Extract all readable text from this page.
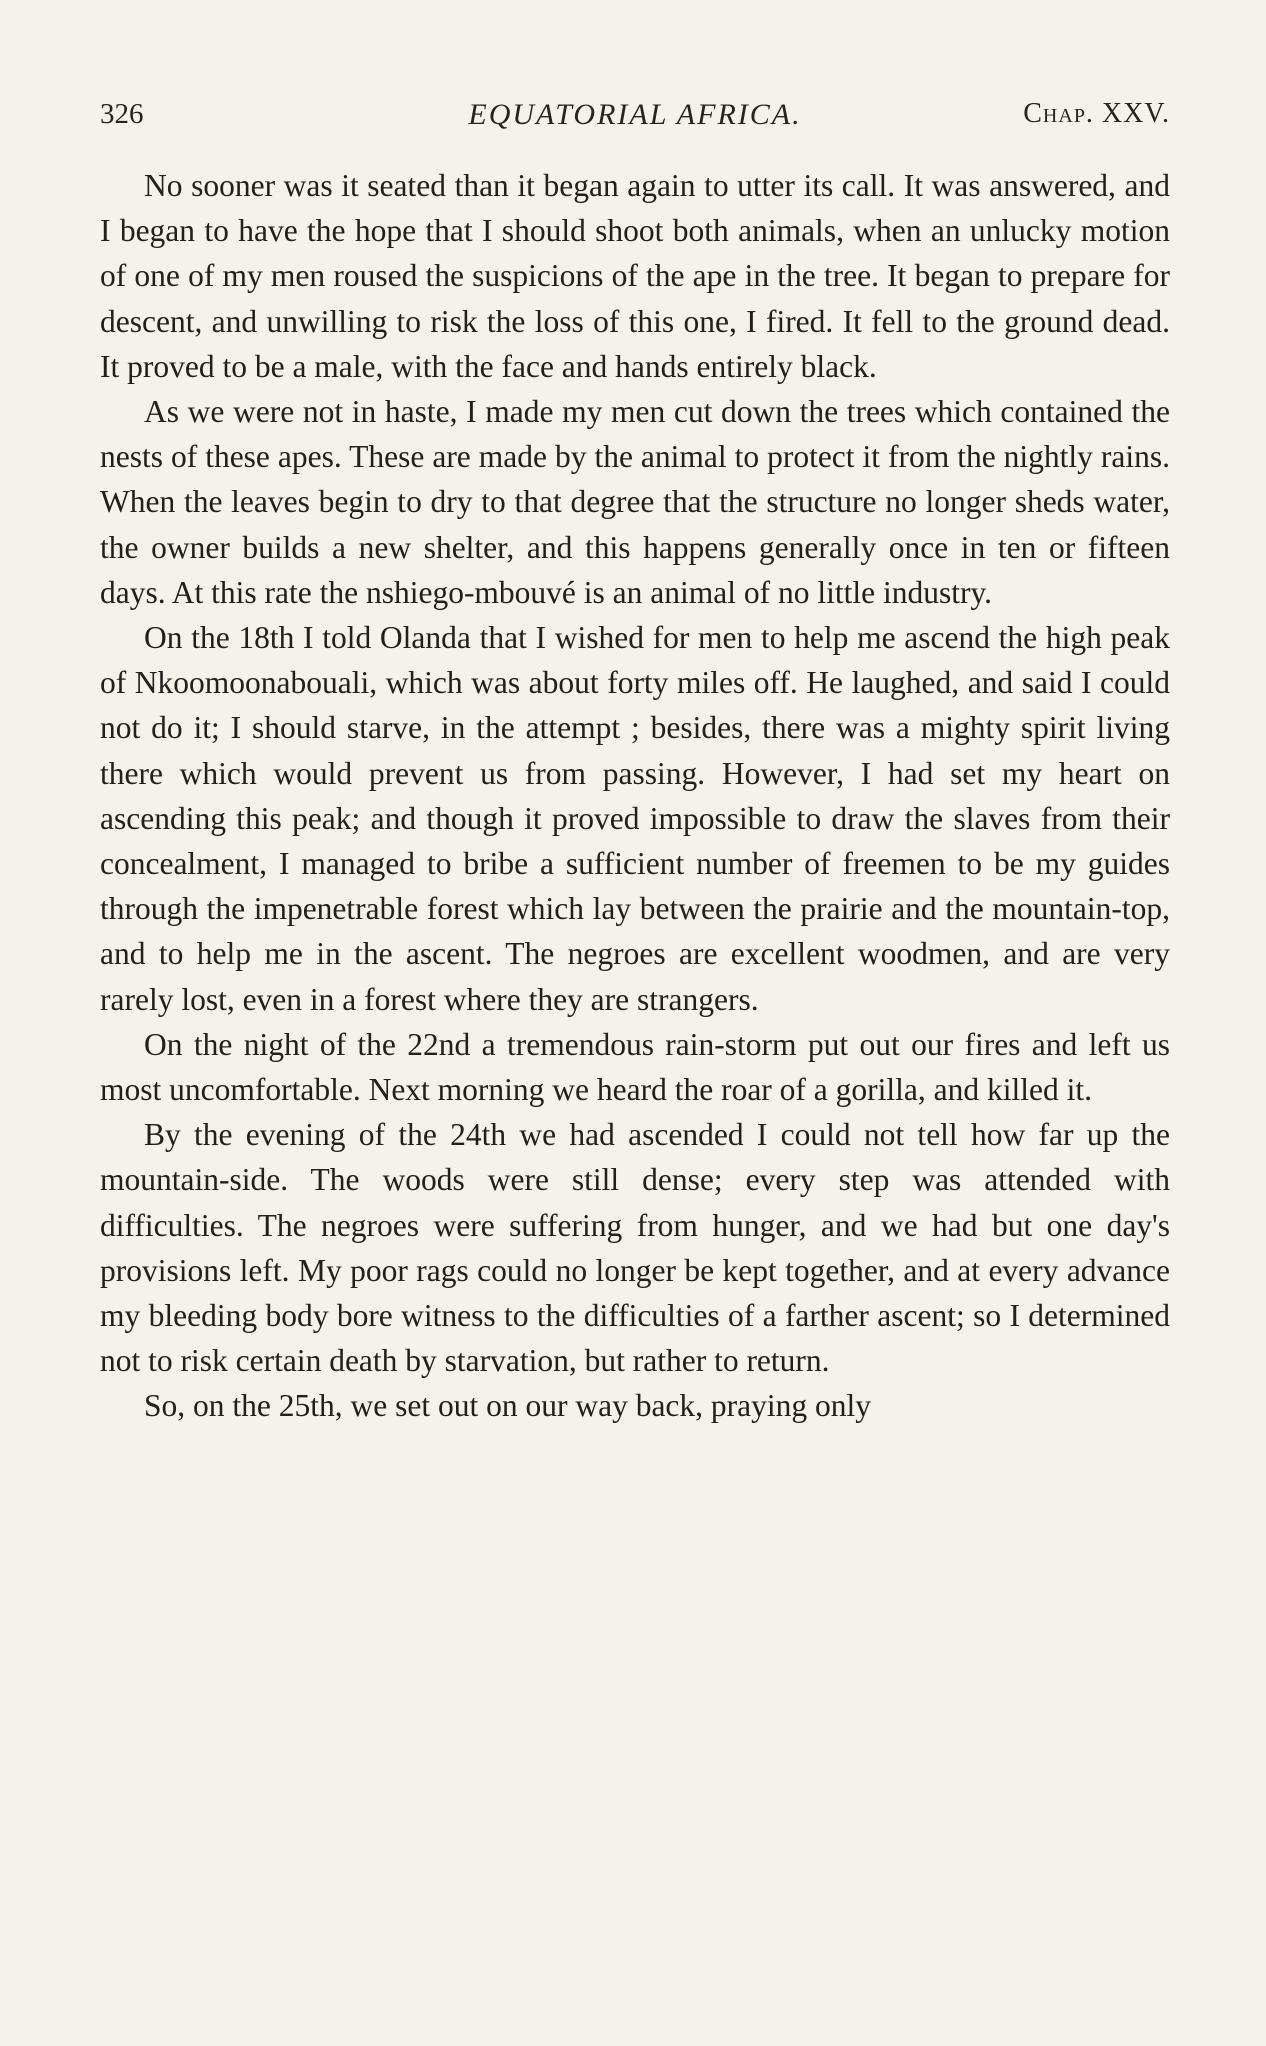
326	EQUATORIAL AFRICA.	Chap. XXV.

No sooner was it seated than it began again to utter its call. It was answered, and I began to have the hope that I should shoot both animals, when an unlucky motion of one of my men roused the suspicions of the ape in the tree. It began to prepare for descent, and unwilling to risk the loss of this one, I fired. It fell to the ground dead. It proved to be a male, with the face and hands entirely black.

As we were not in haste, I made my men cut down the trees which contained the nests of these apes. These are made by the animal to protect it from the nightly rains. When the leaves begin to dry to that degree that the structure no longer sheds water, the owner builds a new shelter, and this happens generally once in ten or fifteen days. At this rate the nshiego-mbouvé is an animal of no little industry.

On the 18th I told Olanda that I wished for men to help me ascend the high peak of Nkoomoonabouali, which was about forty miles off. He laughed, and said I could not do it; I should starve, in the attempt ; besides, there was a mighty spirit living there which would prevent us from passing. However, I had set my heart on ascending this peak; and though it proved impossible to draw the slaves from their concealment, I managed to bribe a sufficient number of freemen to be my guides through the impenetrable forest which lay between the prairie and the mountain-top, and to help me in the ascent. The negroes are excellent woodmen, and are very rarely lost, even in a forest where they are strangers.

On the night of the 22nd a tremendous rain-storm put out our fires and left us most uncomfortable. Next morning we heard the roar of a gorilla, and killed it.

By the evening of the 24th we had ascended I could not tell how far up the mountain-side. The woods were still dense; every step was attended with difficulties. The negroes were suffering from hunger, and we had but one day's provisions left. My poor rags could no longer be kept together, and at every advance my bleeding body bore witness to the difficulties of a farther ascent; so I determined not to risk certain death by starvation, but rather to return.

So, on the 25th, we set out on our way back, praying only
